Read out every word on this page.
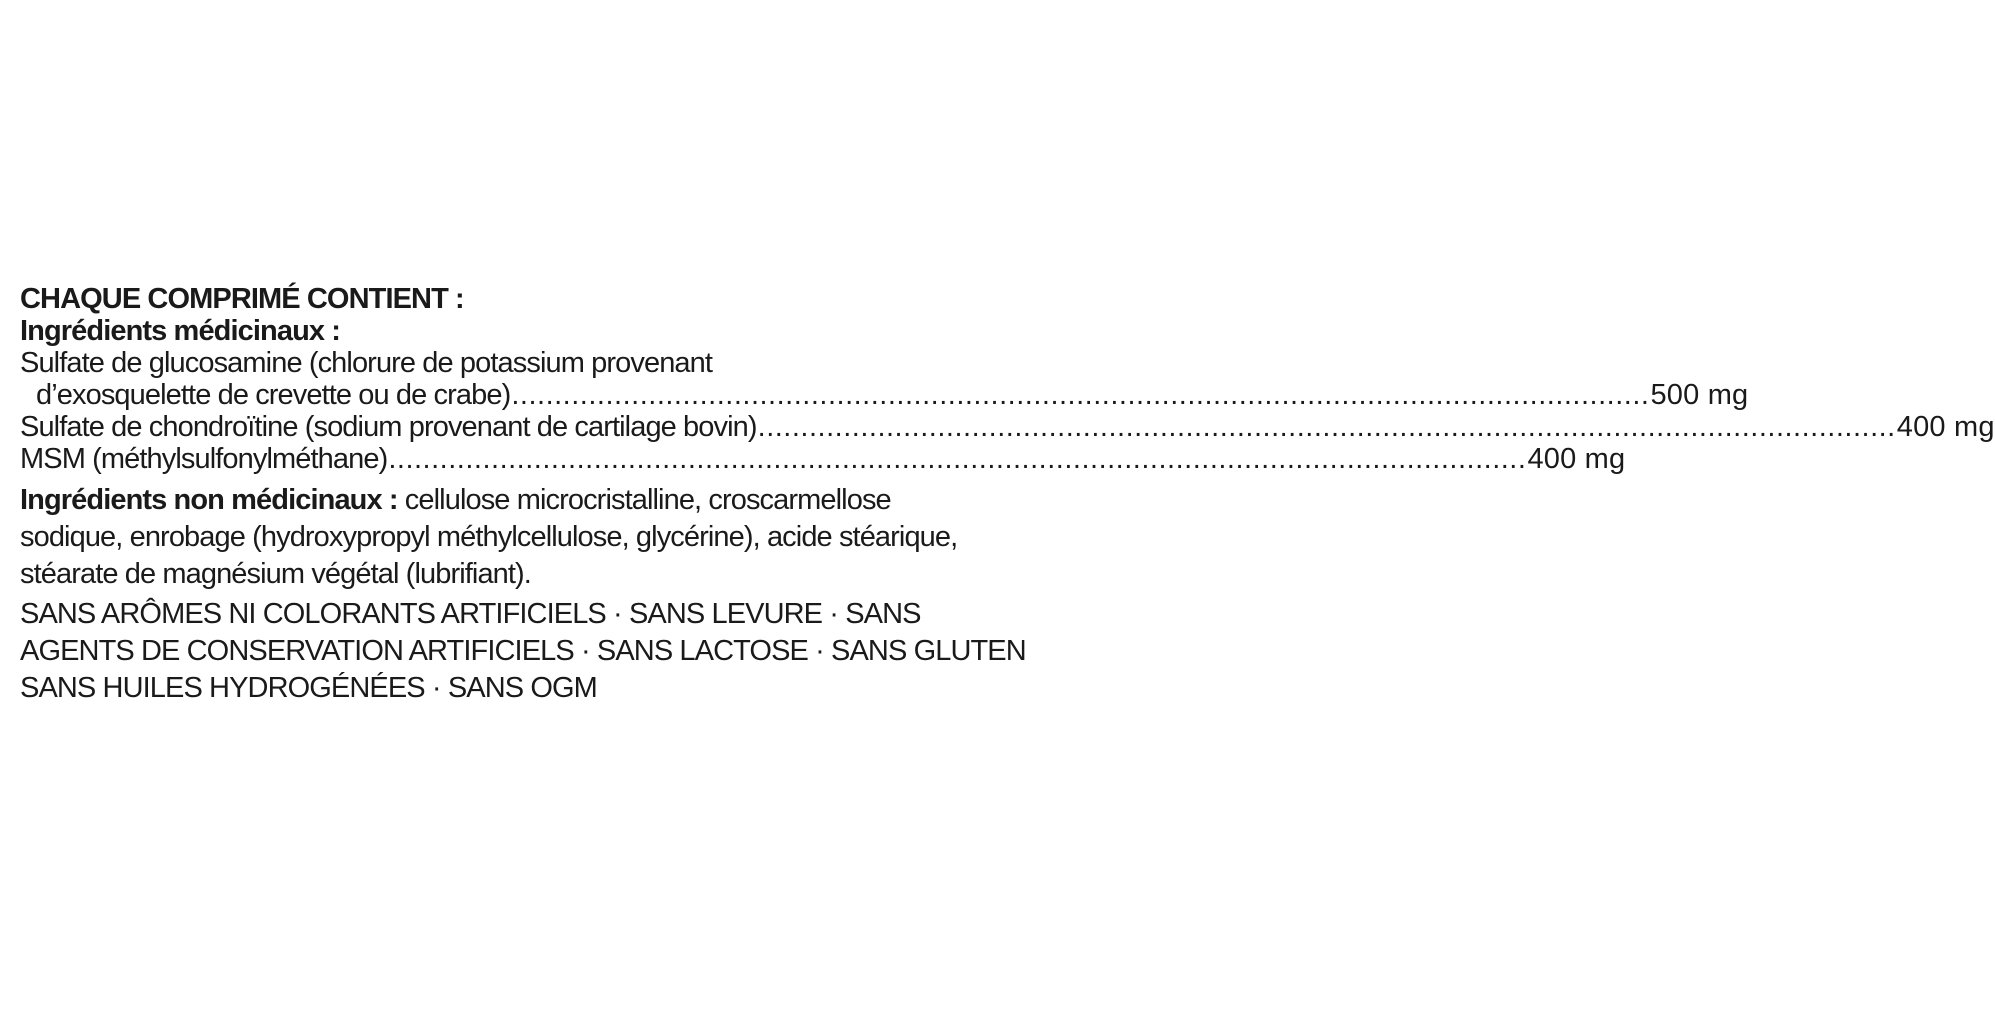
CHAQUE COMPRIMÉ CONTIENT :
Ingrédients médicinaux :
Sulfate de glucosamine (chlorure de potassium provenant
d’exosquelette de crevette ou de crabe) ..................................................................................................................................... 500 mg
Sulfate de chondroïtine (sodium provenant de cartilage bovin) ..................................................................................................................................... 400 mg
MSM (méthylsulfonylméthane) ..................................................................................................................................... 400 mg
Ingrédients non médicinaux : cellulose microcristalline, croscarmellose sodique, enrobage (hydroxypropyl méthylcellulose, glycérine), acide stéarique, stéarate de magnésium végétal (lubrifiant).
SANS ARÔMES NI COLORANTS ARTIFICIELS · SANS LEVURE · SANS
AGENTS DE CONSERVATION ARTIFICIELS · SANS LACTOSE · SANS GLUTEN
SANS HUILES HYDROGÉNÉES · SANS OGM
